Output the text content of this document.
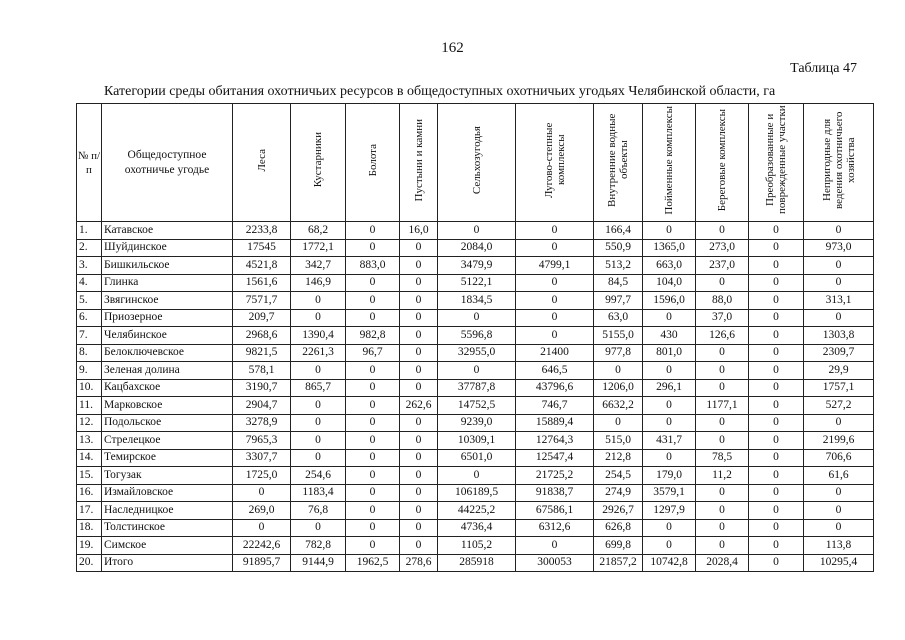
162
Таблица 47
Категории среды обитания охотничьих ресурсов в общедоступных охотничьих угодьях Челябинской области, га
№ п/п	Общедоступное охотничье угодье	Леса	Кустарники	Болота	Пустыни и камни	Сельхозугодья	Лугово-степные комплексы	Внутренние водные объекты	Пойменные комплексы	Береговые комплексы	Преобразованные и поврежденные участки	Непригодные для ведения охотничьего хозяйства
1.	Катавское	2233,8	68,2	0	16,0	0	0	166,4	0	0	0	0
2.	Шуйдинское	17545	1772,1	0	0	2084,0	0	550,9	1365,0	273,0	0	973,0
3.	Бишкильское	4521,8	342,7	883,0	0	3479,9	4799,1	513,2	663,0	237,0	0	0
4.	Глинка	1561,6	146,9	0	0	5122,1	0	84,5	104,0	0	0	0
5.	Звягинское	7571,7	0	0	0	1834,5	0	997,7	1596,0	88,0	0	313,1
6.	Приозерное	209,7	0	0	0	0	0	63,0	0	37,0	0	0
7.	Челябинское	2968,6	1390,4	982,8	0	5596,8	0	5155,0	430	126,6	0	1303,8
8.	Белоключевское	9821,5	2261,3	96,7	0	32955,0	21400	977,8	801,0	0	0	2309,7
9.	Зеленая долина	578,1	0	0	0	0	646,5	0	0	0	0	29,9
10.	Кацбахское	3190,7	865,7	0	0	37787,8	43796,6	1206,0	296,1	0	0	1757,1
11.	Марковское	2904,7	0	0	262,6	14752,5	746,7	6632,2	0	1177,1	0	527,2
12.	Подольское	3278,9	0	0	0	9239,0	15889,4	0	0	0	0	0
13.	Стрелецкое	7965,3	0	0	0	10309,1	12764,3	515,0	431,7	0	0	2199,6
14.	Темирское	3307,7	0	0	0	6501,0	12547,4	212,8	0	78,5	0	706,6
15.	Тогузак	1725,0	254,6	0	0	0	21725,2	254,5	179,0	11,2	0	61,6
16.	Измайловское	0	1183,4	0	0	106189,5	91838,7	274,9	3579,1	0	0	0
17.	Наследницкое	269,0	76,8	0	0	44225,2	67586,1	2926,7	1297,9	0	0	0
18.	Толстинское	0	0	0	0	4736,4	6312,6	626,8	0	0	0	0
19.	Симское	22242,6	782,8	0	0	1105,2	0	699,8	0	0	0	113,8
20.	Итого	91895,7	9144,9	1962,5	278,6	285918	300053	21857,2	10742,8	2028,4	0	10295,4
